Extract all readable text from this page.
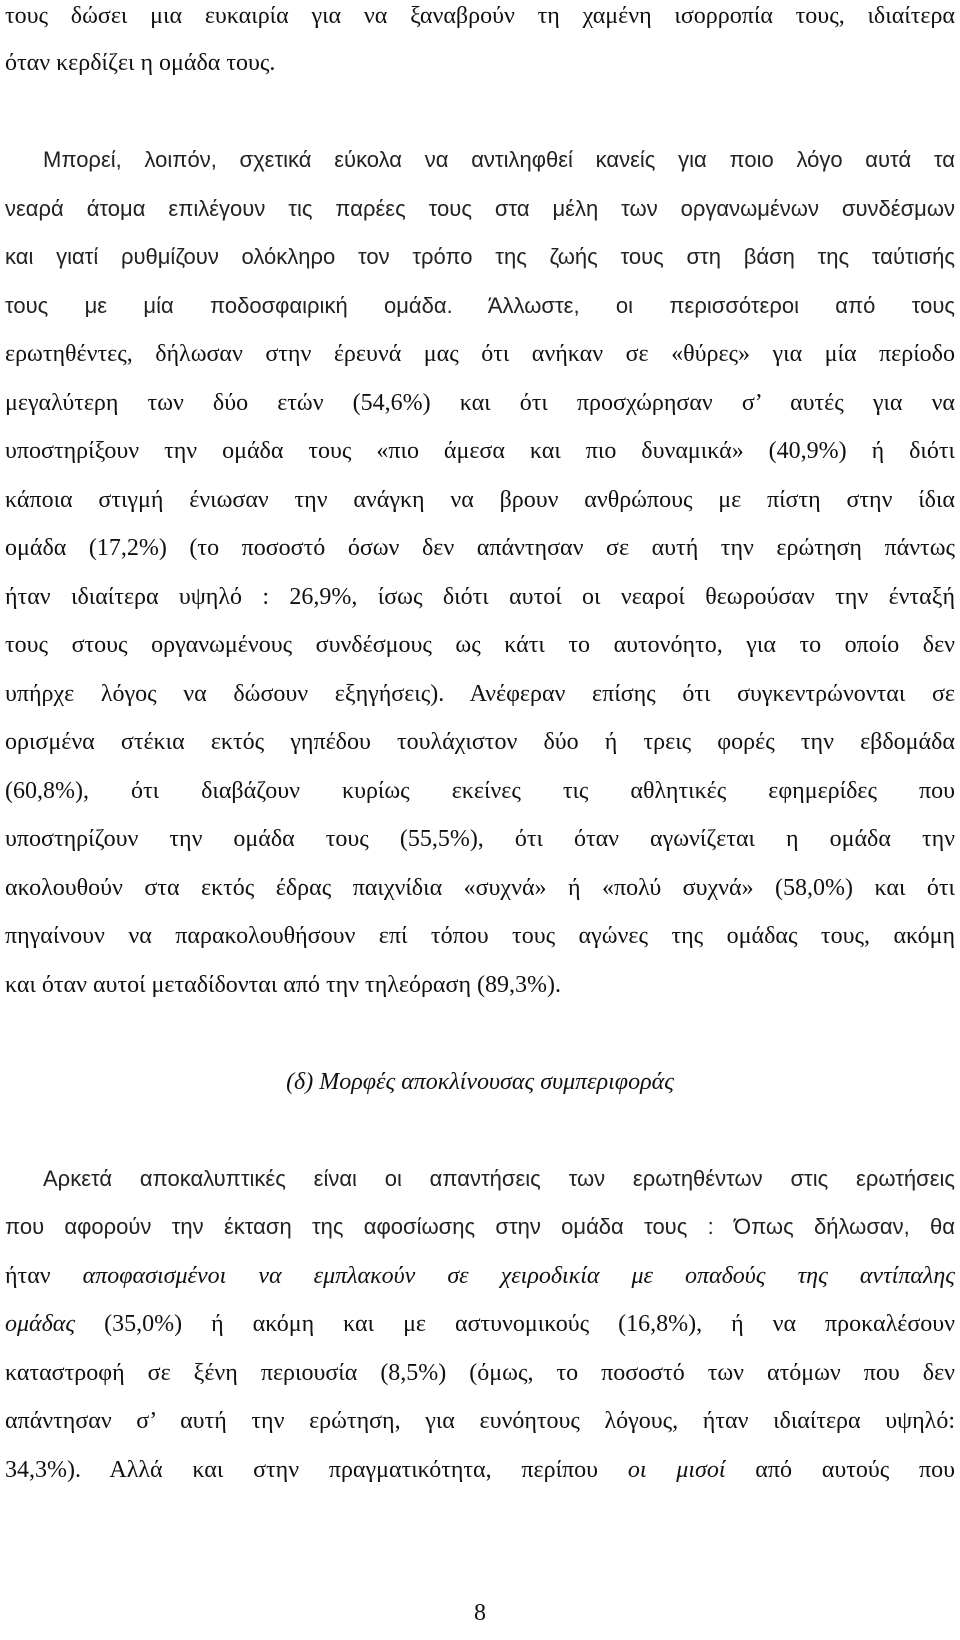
τους δώσει μια ευκαιρία για να ξαναβρούν τη χαμένη ισορροπία τους, ιδιαίτερα
όταν κερδίζει η ομάδα τους.
Μπορεί, λοιπόν, σχετικά εύκολα να αντιληφθεί κανείς για ποιο λόγο αυτά τα
νεαρά άτομα επιλέγουν τις παρέες τους στα μέλη των οργανωμένων συνδέσμων
και γιατί ρυθμίζουν ολόκληρο τον τρόπο της ζωής τους στη βάση της ταύτισής
τους με μία ποδοσφαιρική ομάδα. Άλλωστε, οι περισσότεροι από τους
ερωτηθέντες, δήλωσαν στην έρευνά μας ότι ανήκαν σε «θύρες» για μία περίοδο
μεγαλύτερη των δύο ετών (54,6%) και ότι προσχώρησαν σ’ αυτές για να
υποστηρίξουν την ομάδα τους «πιο άμεσα και πιο δυναμικά» (40,9%) ή διότι
κάποια στιγμή ένιωσαν την ανάγκη να βρουν ανθρώπους με πίστη στην ίδια
ομάδα (17,2%) (το ποσοστό όσων δεν απάντησαν σε αυτή την ερώτηση πάντως
ήταν ιδιαίτερα υψηλό : 26,9%, ίσως διότι αυτοί οι νεαροί θεωρούσαν την ένταξή
τους στους οργανωμένους συνδέσμους ως κάτι το αυτονόητο, για το οποίο δεν
υπήρχε λόγος να δώσουν εξηγήσεις). Ανέφεραν επίσης ότι συγκεντρώνονται σε
ορισμένα στέκια εκτός γηπέδου τουλάχιστον δύο ή τρεις φορές την εβδομάδα
(60,8%), ότι διαβάζουν κυρίως εκείνες τις αθλητικές εφημερίδες που
υποστηρίζουν την ομάδα τους (55,5%), ότι όταν αγωνίζεται η ομάδα την
ακολουθούν στα εκτός έδρας παιχνίδια «συχνά» ή «πολύ συχνά» (58,0%) και ότι
πηγαίνουν να παρακολουθήσουν επί τόπου τους αγώνες της ομάδας τους, ακόμη
και όταν αυτοί μεταδίδονται από την τηλεόραση (89,3%).
(δ) Μορφές αποκλίνουσας συμπεριφοράς
Αρκετά αποκαλυπτικές είναι οι απαντήσεις των ερωτηθέντων στις ερωτήσεις
που αφορούν την έκταση της αφοσίωσης στην ομάδα τους : Όπως δήλωσαν, θα
ήταν αποφασισμένοι να εμπλακούν σε χειροδικία με οπαδούς της αντίπαλης
ομάδας (35,0%) ή ακόμη και με αστυνομικούς (16,8%), ή να προκαλέσουν
καταστροφή σε ξένη περιουσία (8,5%) (όμως, το ποσοστό των ατόμων που δεν
απάντησαν σ’ αυτή την ερώτηση, για ευνόητους λόγους, ήταν ιδιαίτερα υψηλό:
34,3%). Αλλά και στην πραγματικότητα, περίπου οι μισοί από αυτούς που
8
